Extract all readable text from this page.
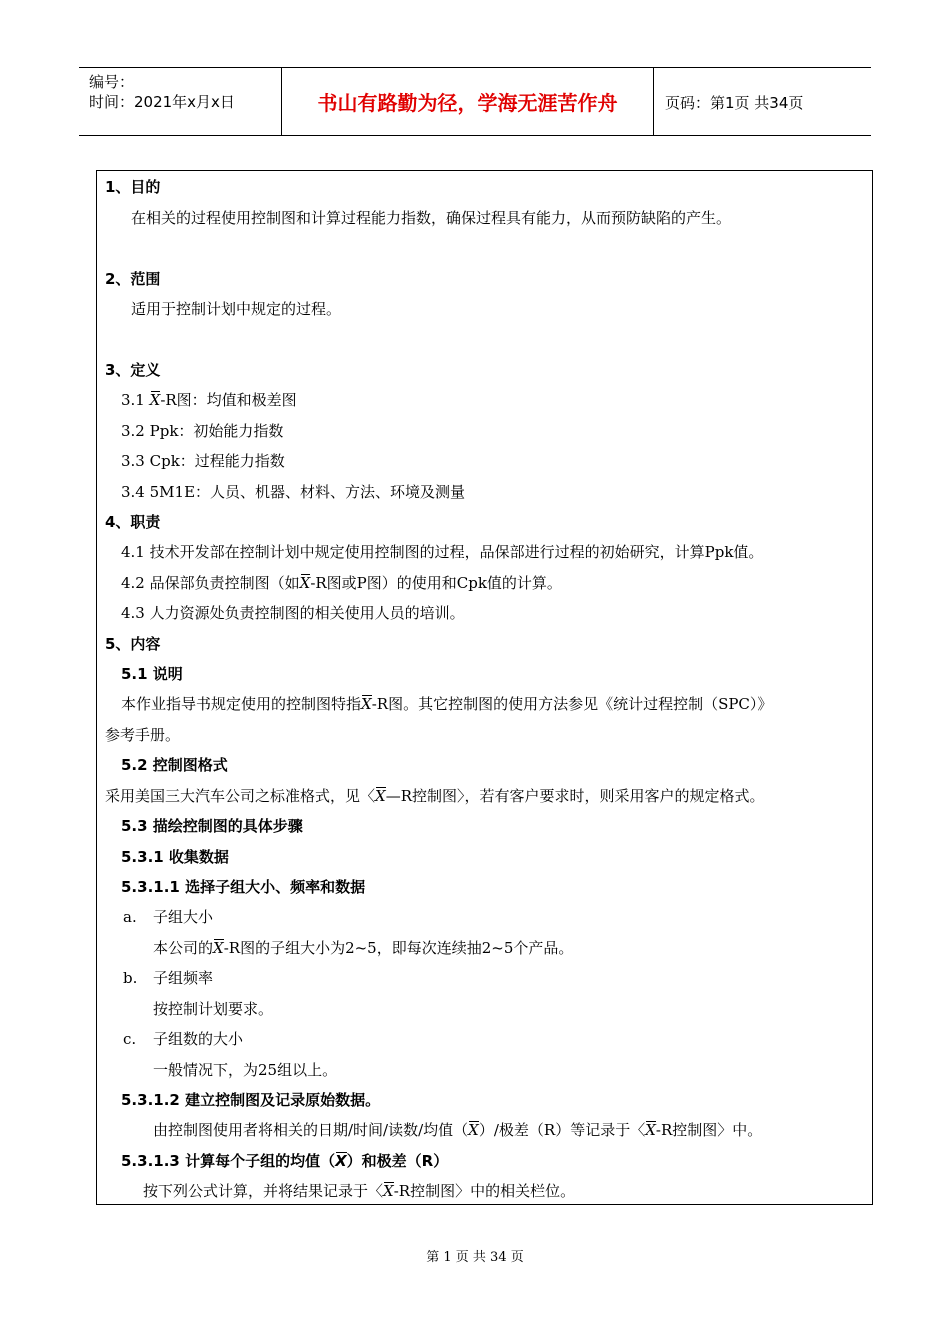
编号：
时间：2021年x月x日	书山有路勤为径，学海无涯苦作舟	页码：第1页 共34页
1、目的
在相关的过程使用控制图和计算过程能力指数，确保过程具有能力，从而预防缺陷的产生。
2、范围
适用于控制计划中规定的过程。
3、定义
3.1 X-R图：均值和极差图
3.2 Ppk：初始能力指数
3.3 Cpk：过程能力指数
3.4 5M1E：人员、机器、材料、方法、环境及测量
4、职责
4.1 技术开发部在控制计划中规定使用控制图的过程，品保部进行过程的初始研究，计算Ppk值。
4.2 品保部负责控制图（如X-R图或P图）的使用和Cpk值的计算。
4.3 人力资源处负责控制图的相关使用人员的培训。
5、内容
5.1 说明
本作业指导书规定使用的控制图特指X-R图。其它控制图的使用方法参见《统计过程控制（SPC）》
参考手册。
5.2 控制图格式
采用美国三大汽车公司之标准格式，见〈X—R控制图〉，若有客户要求时，则采用客户的规定格式。
5.3 描绘控制图的具体步骤
5.3.1 收集数据
5.3.1.1 选择子组大小、频率和数据
a. 子组大小
本公司的X-R图的子组大小为2~5，即每次连续抽2~5个产品。
b. 子组频率
按控制计划要求。
c. 子组数的大小
一般情况下，为25组以上。
5.3.1.2 建立控制图及记录原始数据。
由控制图使用者将相关的日期/时间/读数/均值（X）/极差（R）等记录于〈X-R控制图〉中。
5.3.1.3 计算每个子组的均值（X）和极差（R）
按下列公式计算，并将结果记录于〈X-R控制图〉中的相关栏位。
第 1 页 共 34 页
